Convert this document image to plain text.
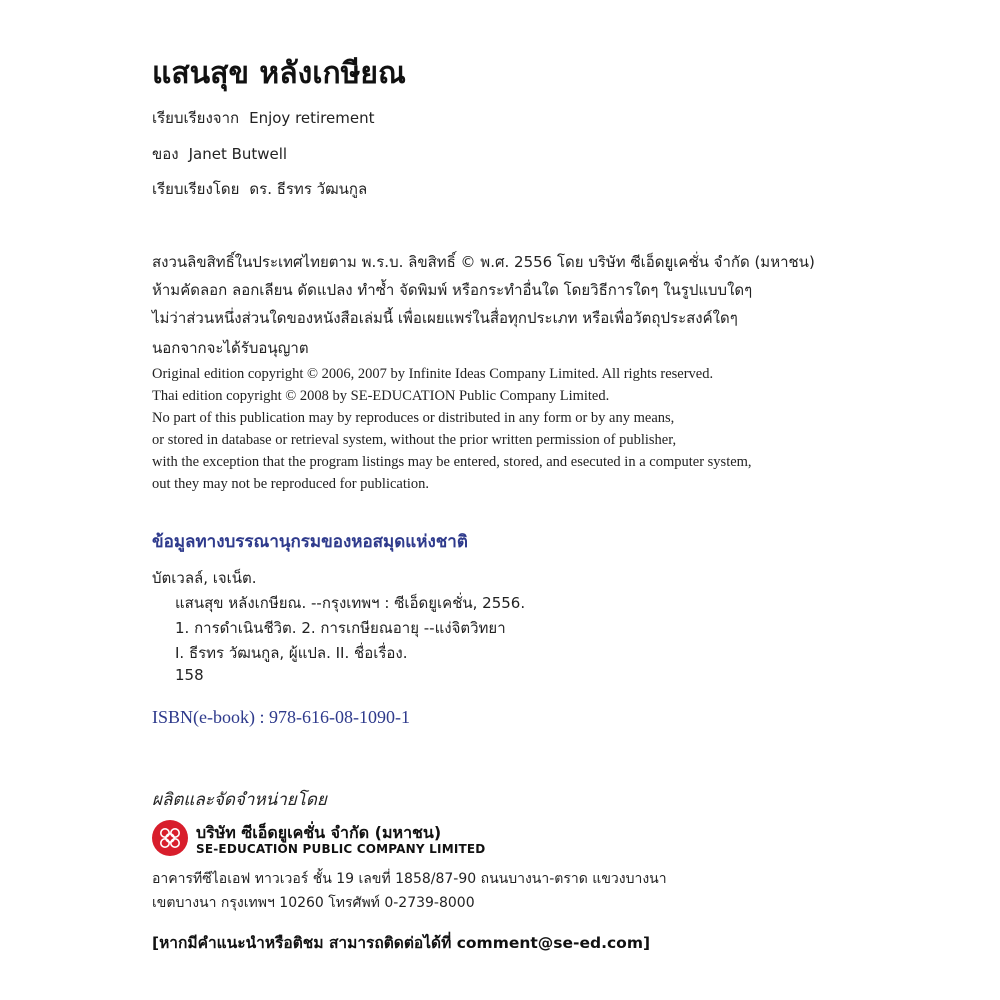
แสนสุข หลังเกษียณ
เรียบเรียงจาก Enjoy retirement
ของ Janet Butwell
เรียบเรียงโดย ดร. ธีรทร วัฒนกูล
สงวนลิขสิทธิ์ในประเทศไทยตาม พ.ร.บ. ลิขสิทธิ์ © พ.ศ. 2556 โดย บริษัท ซีเอ็ดยูเคชั่น จำกัด (มหาชน)
ห้ามคัดลอก ลอกเลียน ดัดแปลง ทำซ้ำ จัดพิมพ์ หรือกระทำอื่นใด โดยวิธีการใดๆ ในรูปแบบใดๆ
ไม่ว่าส่วนหนึ่งส่วนใดของหนังสือเล่มนี้ เพื่อเผยแพร่ในสื่อทุกประเภท หรือเพื่อวัตถุประสงค์ใดๆ
นอกจากจะได้รับอนุญาต
Original edition copyright © 2006, 2007 by Infinite Ideas Company Limited. All rights reserved.
Thai edition copyright © 2008 by SE-EDUCATION Public Company Limited.
No part of this publication may by reproduces or distributed in any form or by any means,
or stored in database or retrieval system, without the prior written permission of publisher,
with the exception that the program listings may be entered, stored, and esecuted in a computer system,
out they may not be reproduced for publication.
ข้อมูลทางบรรณานุกรมของหอสมุดแห่งชาติ
บัตเวลล์, เจเน็ต.
แสนสุข หลังเกษียณ. --กรุงเทพฯ : ซีเอ็ดยูเคชั่น, 2556.
1. การดำเนินชีวิต. 2. การเกษียณอายุ --แง่จิตวิทยา
I. ธีรทร วัฒนกูล, ผู้แปล. II. ชื่อเรื่อง.
158
ISBN(e-book) : 978-616-08-1090-1
ผลิตและจัดจำหน่ายโดย
บริษัท ซีเอ็ดยูเคชั่น จำกัด (มหาชน)
SE-EDUCATION PUBLIC COMPANY LIMITED
อาคารทีซีไอเอฟ ทาวเวอร์ ชั้น 19 เลขที่ 1858/87-90 ถนนบางนา-ตราด แขวงบางนา
เขตบางนา กรุงเทพฯ 10260 โทรศัพท์ 0-2739-8000
[หากมีคำแนะนำหรือติชม สามารถติดต่อได้ที่ comment@se-ed.com]
